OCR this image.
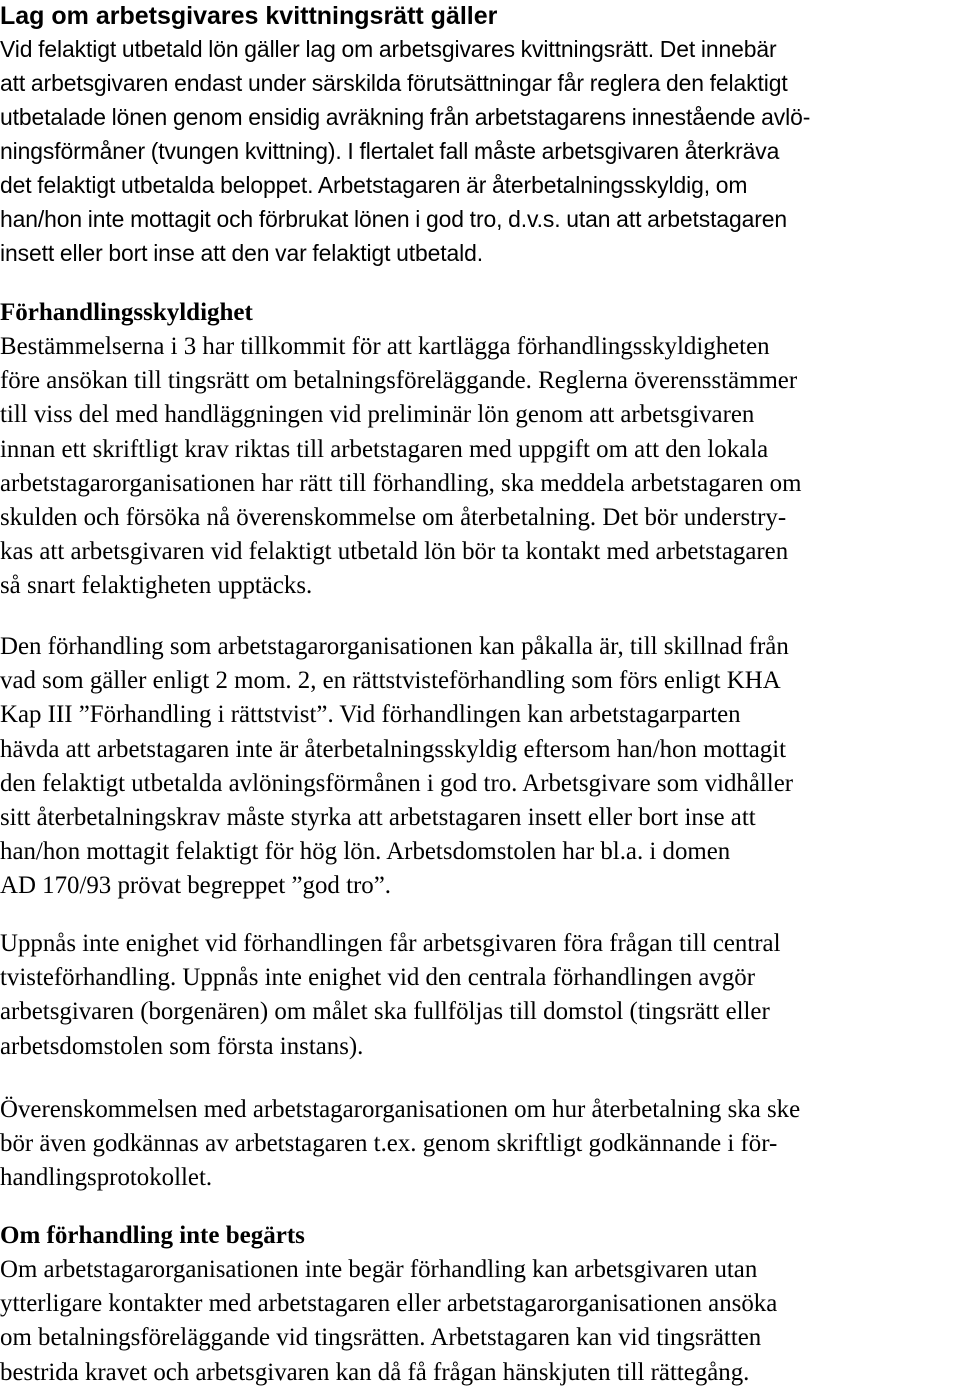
Lag om arbetsgivares kvittningsrätt gäller

Vid felaktigt utbetald lön gäller lag om arbetsgivares kvittningsrätt. Det innebär
att arbetsgivaren endast under särskilda förutsättningar får reglera den felaktigt
utbetalade lönen genom ensidig avräkning från arbetstagarens innestående avlö-
ningsförmåner (tvungen kvittning). I flertalet fall måste arbetsgivaren återkräva
det felaktigt utbetalda beloppet. Arbetstagaren är återbetalningsskyldig, om
han/hon inte mottagit och förbrukat lönen i god tro, d.v.s. utan att arbetstagaren
insett eller bort inse att den var felaktigt utbetald.

Förhandlingsskyldighet

Bestämmelserna i 3 har tillkommit för att kartlägga förhandlingsskyldigheten
före ansökan till tingsrätt om betalningsföreläggande. Reglerna överensstämmer
till viss del med handläggningen vid preliminär lön genom att arbetsgivaren
innan ett skriftligt krav riktas till arbetstagaren med uppgift om att den lokala
arbetstagarorganisationen har rätt till förhandling, ska meddela arbetstagaren om
skulden och försöka nå överenskommelse om återbetalning. Det bör understry-
kas att arbetsgivaren vid felaktigt utbetald lön bör ta kontakt med arbetstagaren
så snart felaktigheten upptäcks.

Den förhandling som arbetstagarorganisationen kan påkalla är, till skillnad från
vad som gäller enligt 2 mom. 2, en rättstvisteförhandling som förs enligt KHA
Kap III ”Förhandling i rättstvist”. Vid förhandlingen kan arbetstagarparten
hävda att arbetstagaren inte är återbetalningsskyldig eftersom han/hon mottagit
den felaktigt utbetalda avlöningsförmånen i god tro. Arbetsgivare som vidhåller
sitt återbetalningskrav måste styrka att arbetstagaren insett eller bort inse att
han/hon mottagit felaktigt för hög lön. Arbetsdomstolen har bl.a. i domen
AD 170/93 prövat begreppet ”god tro”.

Uppnås inte enighet vid förhandlingen får arbetsgivaren föra frågan till central
tvisteförhandling. Uppnås inte enighet vid den centrala förhandlingen avgör
arbetsgivaren (borgenären) om målet ska fullföljas till domstol (tingsrätt eller
arbetsdomstolen som första instans).

Överenskommelsen med arbetstagarorganisationen om hur återbetalning ska ske
bör även godkännas av arbetstagaren t.ex. genom skriftligt godkännande i för-
handlingsprotokollet.

Om förhandling inte begärts

Om arbetstagarorganisationen inte begär förhandling kan arbetsgivaren utan
ytterligare kontakter med arbetstagaren eller arbetstagarorganisationen ansöka
om betalningsföreläggande vid tingsrätten. Arbetstagaren kan vid tingsrätten
bestrida kravet och arbetsgivaren kan då få frågan hänskjuten till rättegång.
